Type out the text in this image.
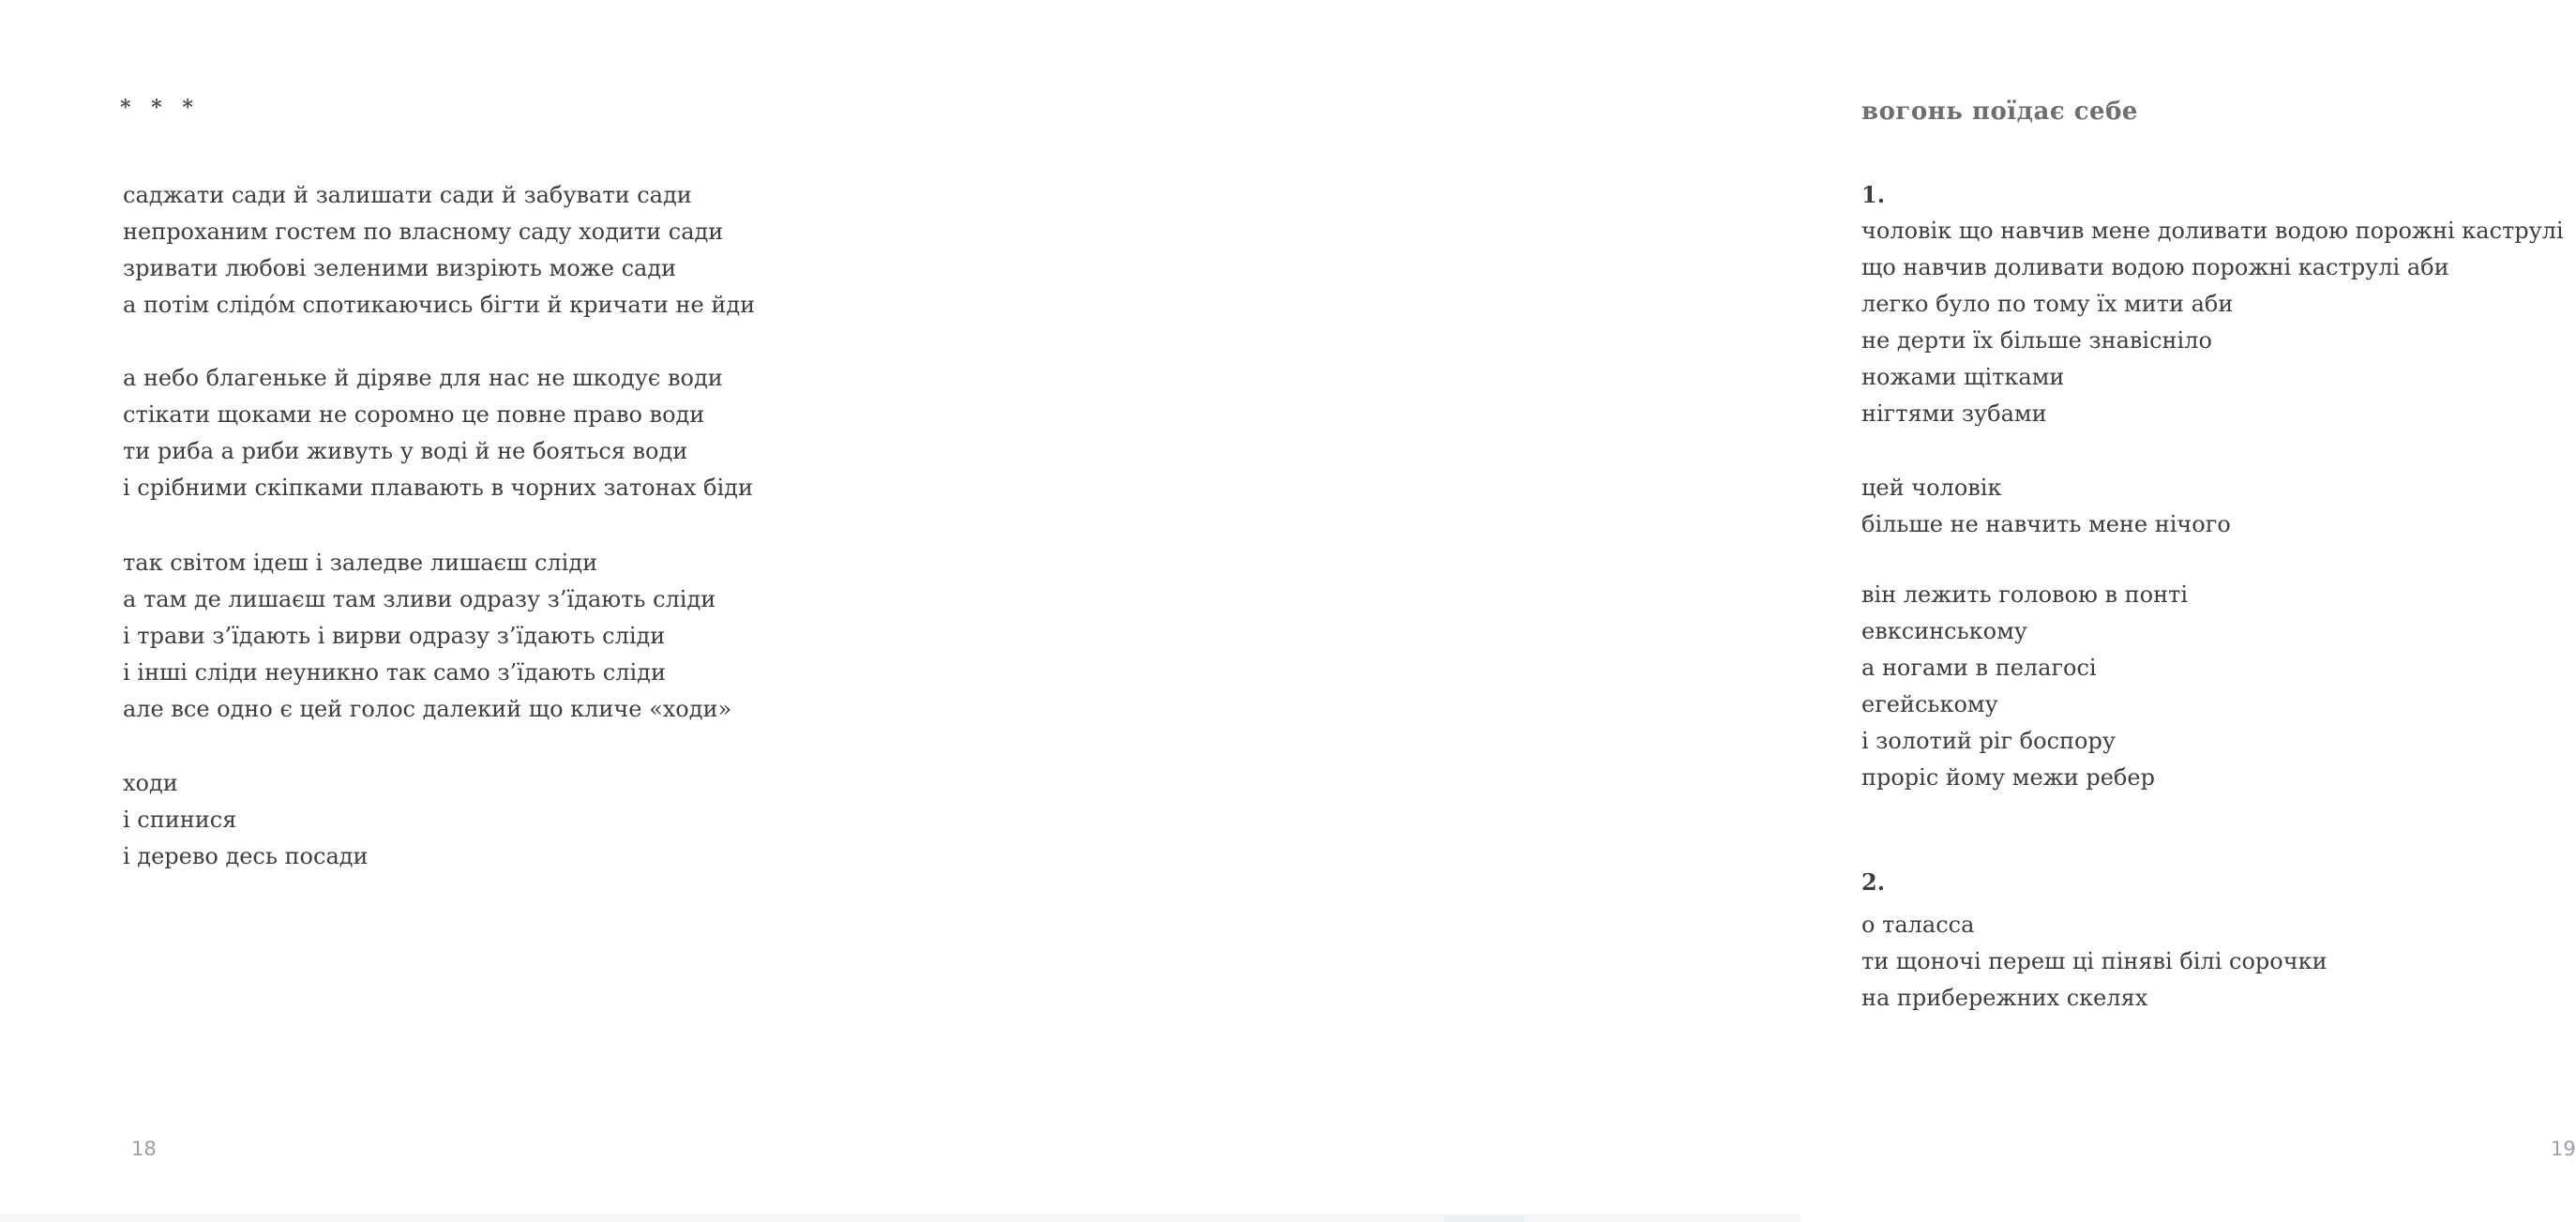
* * *
саджати сади й залишати сади й забувати сади
непроханим гостем по власному саду ходити сади
зривати любові зеленими визріють може сади
а потім слідо́м спотикаючись бігти й кричати не йди
а небо благеньке й діряве для нас не шкодує води
стікати щоками не соромно це повне право води
ти риба а риби живуть у воді й не бояться води
і срібними скіпками плавають в чорних затонах біди
так світом ідеш і заледве лишаєш сліди
а там де лишаєш там зливи одразу з’їдають сліди
і трави з’їдають і вирви одразу з’їдають сліди
і інші сліди неуникно так само з’їдають сліди
але все одно є цей голос далекий що кличе «ходи»
ходи
і спинися
і дерево десь посади
18
вогонь поїдає себе
1.
чоловік що навчив мене доливати водою порожні каструлі
що навчив доливати водою порожні каструлі аби
легко було по тому їх мити аби
не дерти їх більше знавісніло
ножами щітками
нігтями зубами
цей чоловік
більше не навчить мене нічого
він лежить головою в понті
евксинському
а ногами в пелагосі
егейському
і золотий ріг боспору
проріс йому межи ребер
2.
о таласса
ти щоночі переш ці піняві білі сорочки
на прибережних скелях
19
